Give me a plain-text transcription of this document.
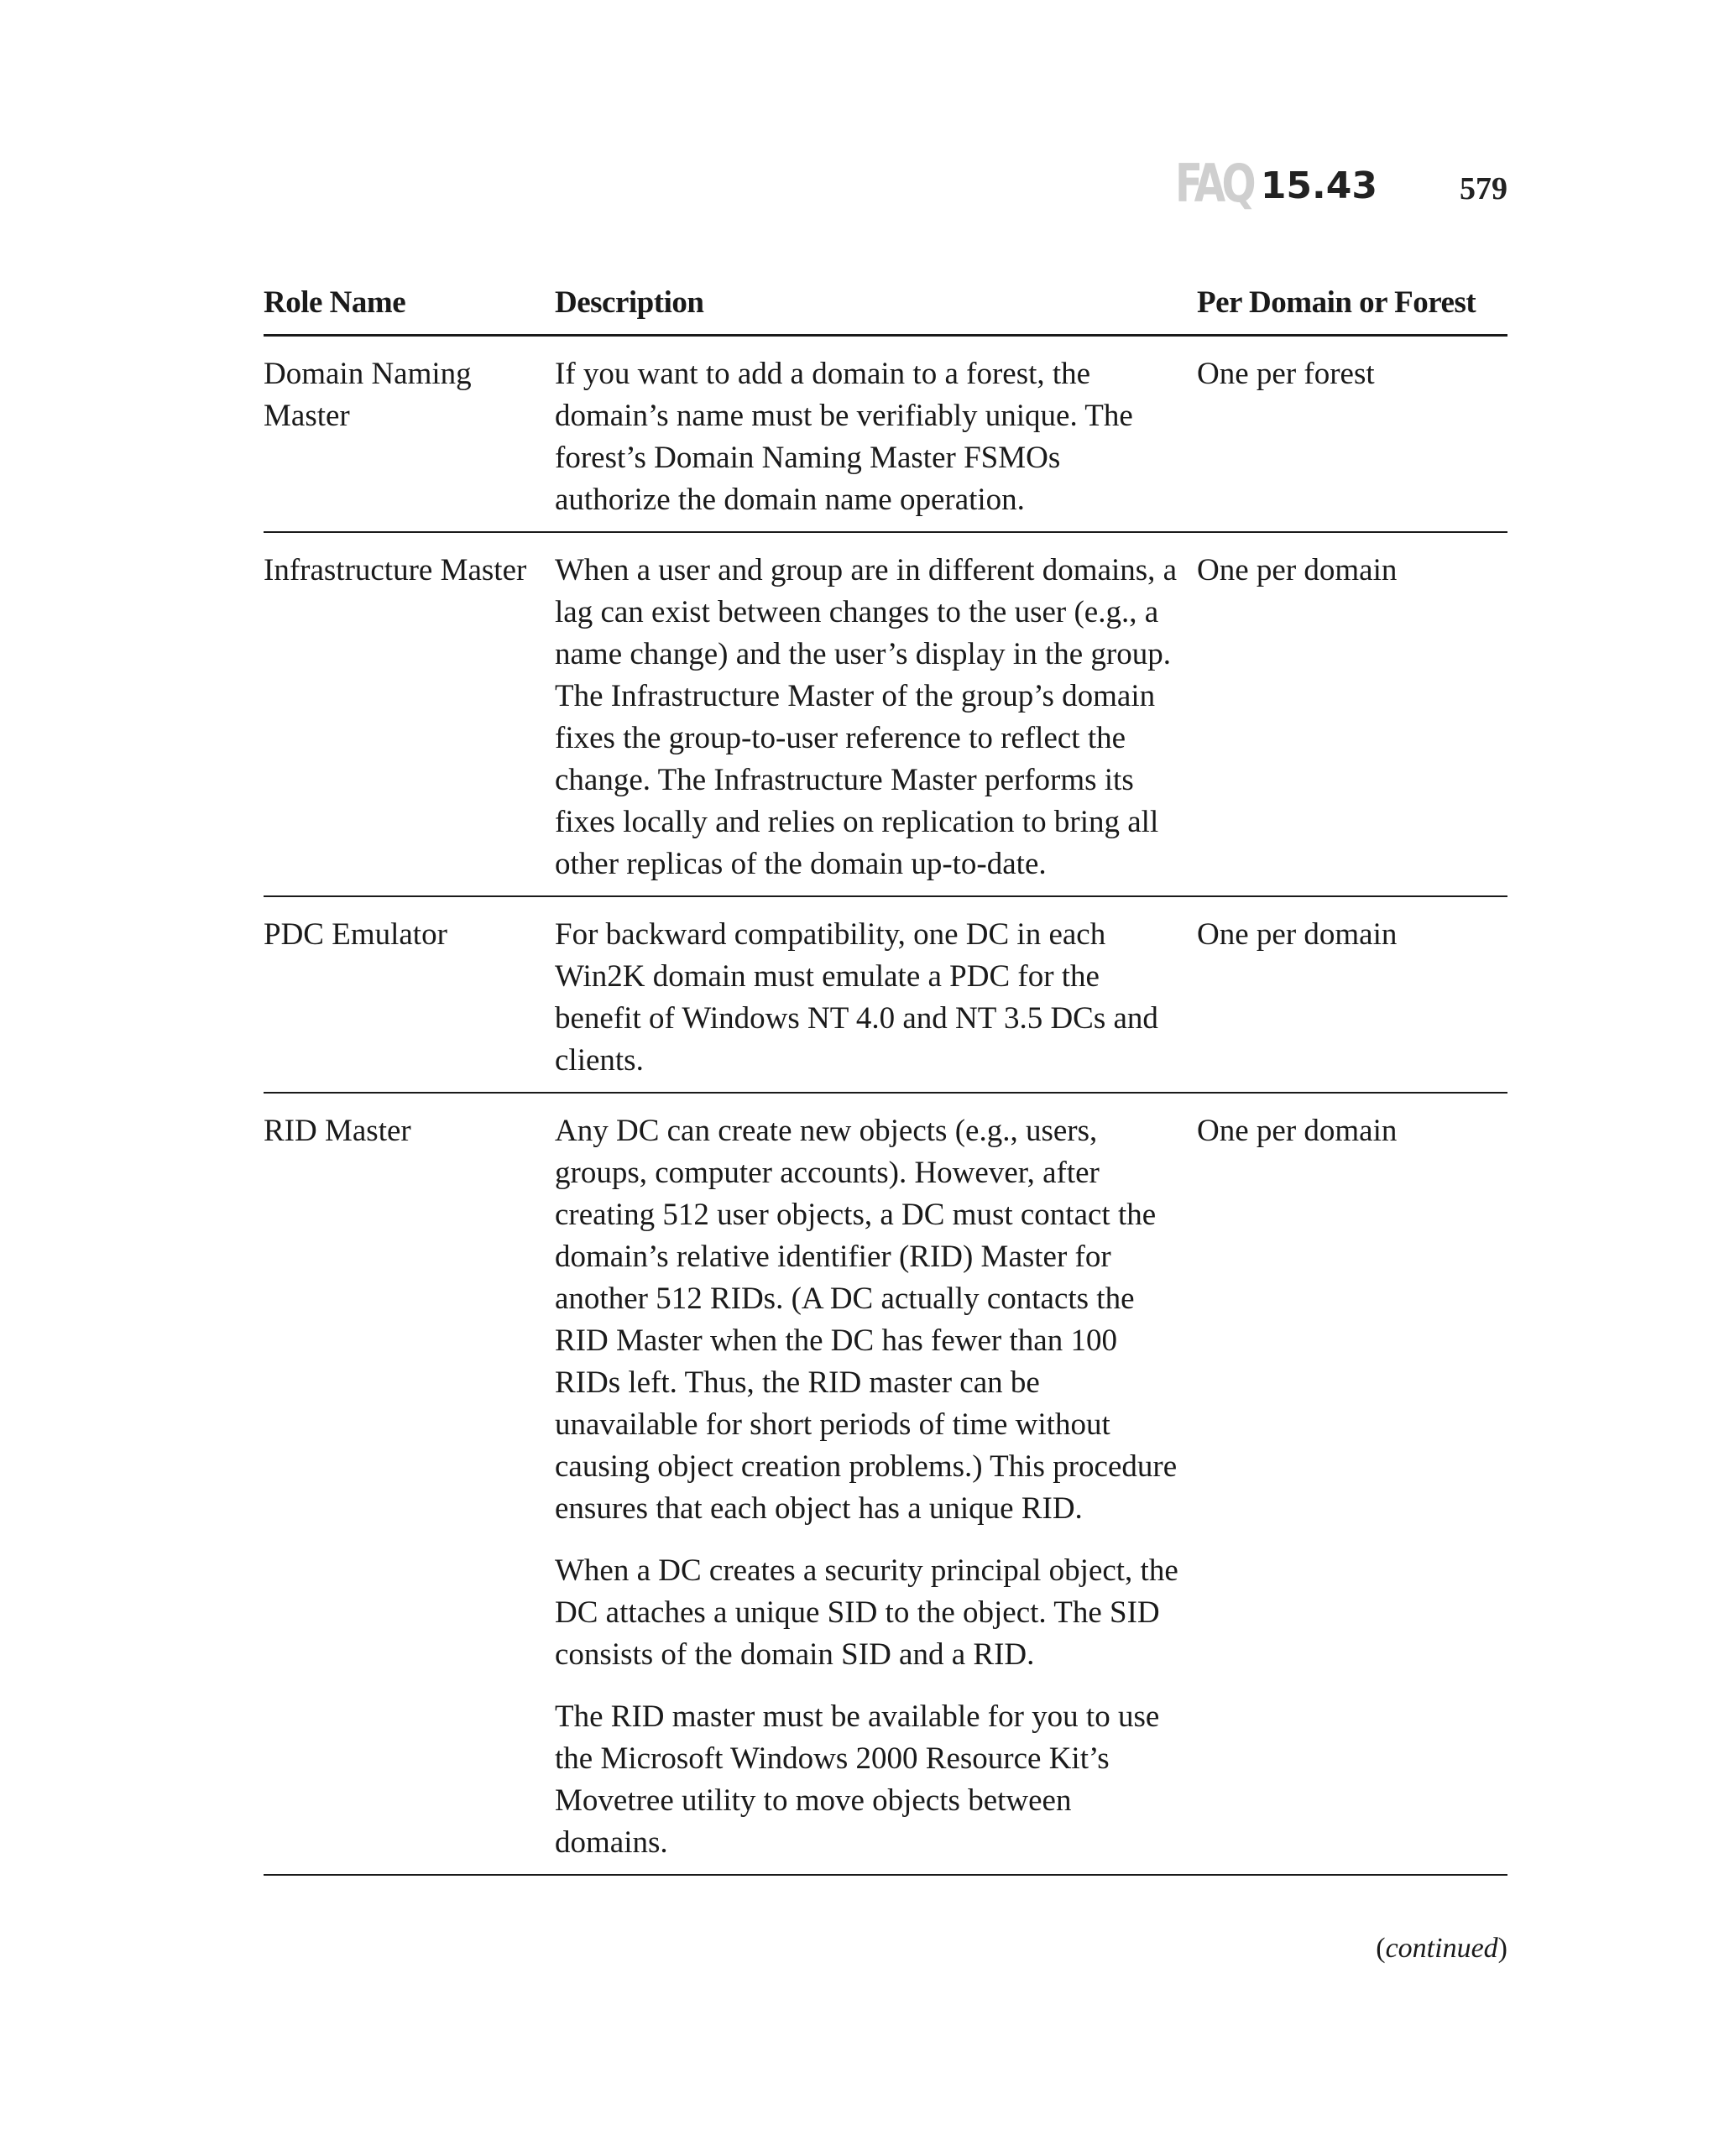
FAQ 15.43	579
Role Name	Description	Per Domain or Forest
Domain Naming Master	If you want to add a domain to a forest, the domain’s name must be verifiably unique. The forest’s Domain Naming Master FSMOs authorize the domain name operation.	One per forest
Infrastructure Master	When a user and group are in different domains, a lag can exist between changes to the user (e.g., a name change) and the user’s display in the group. The Infrastructure Master of the group’s domain fixes the group-to-user reference to reflect the change. The Infrastructure Master performs its fixes locally and relies on replication to bring all other replicas of the domain up-to-date.	One per domain
PDC Emulator	For backward compatibility, one DC in each Win2K domain must emulate a PDC for the benefit of Windows NT 4.0 and NT 3.5 DCs and clients.	One per domain
RID Master	Any DC can create new objects (e.g., users, groups, computer accounts). However, after creating 512 user objects, a DC must contact the domain’s relative identifier (RID) Master for another 512 RIDs. (A DC actually contacts the RID Master when the DC has fewer than 100 RIDs left. Thus, the RID master can be unavailable for short periods of time without causing object creation problems.) This procedure ensures that each object has a unique RID.

When a DC creates a security principal object, the DC attaches a unique SID to the object. The SID consists of the domain SID and a RID.

The RID master must be available for you to use the Microsoft Windows 2000 Resource Kit’s Movetree utility to move objects between domains.	One per domain
(continued)
